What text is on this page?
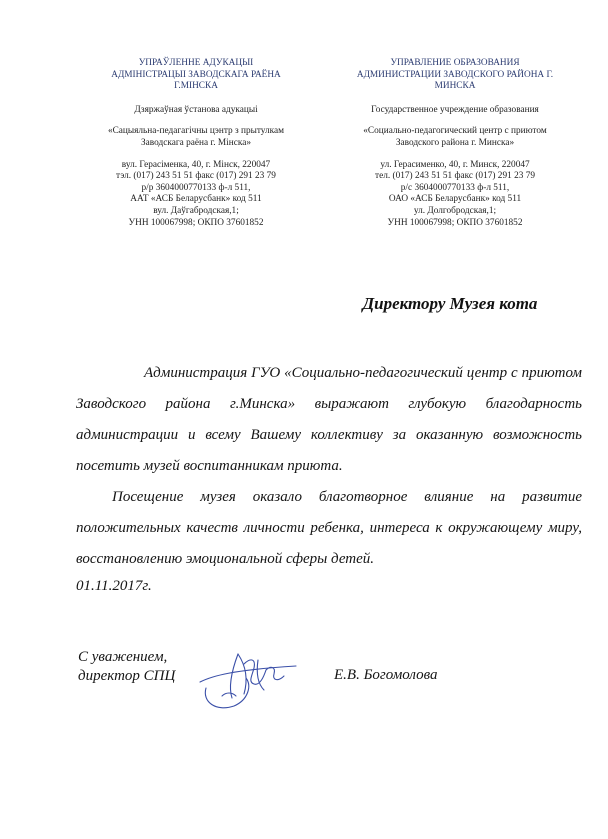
УПРАЎЛЕННЕ АДУКАЦЫІ
АДМІНІСТРАЦЫІ ЗАВОДСКАГА РАЁНА
Г.МІНСКА
Дзяржаўная ўстанова адукацыі
«Сацыяльна-педагагічны цэнтр з прытулкам
Заводскага раёна г. Мінска»
вул. Герасіменка, 40, г. Мінск, 220047
тэл. (017) 243 51 51 факс (017) 291 23 79
р/р 3604000770133 ф-л 511,
ААТ «АСБ Беларусбанк» код 511
вул. Даўгабродская,1;
УНН 100067998; ОКПО 37601852
УПРАВЛЕНИЕ ОБРАЗОВАНИЯ
АДМИНИСТРАЦИИ ЗАВОДСКОГО РАЙОНА Г.
МИНСКА
Государственное учреждение образования
«Социально-педагогический центр с приютом
Заводского района г. Минска»
ул. Герасименко, 40, г. Минск, 220047
тел. (017) 243 51 51 факс (017) 291 23 79
р/с 3604000770133 ф-л 511,
ОАО «АСБ Беларусбанк» код 511
ул. Долгобродская,1;
УНН 100067998; ОКПО 37601852
Директору Музея кота

Администрация ГУО «Социально-педагогический центр с приютом Заводского района г.Минска» выражают глубокую благодарность администрации и всему Вашему коллективу за оказанную возможность посетить музей воспитанникам приюта.

Посещение музея оказало благотворное влияние на развитие положительных качеств личности ребенка, интереса к окружающему миру, восстановлению эмоциональной сферы детей.

01.11.2017г.
С уважением,
директор СПЦ	Е.В. Богомолова
